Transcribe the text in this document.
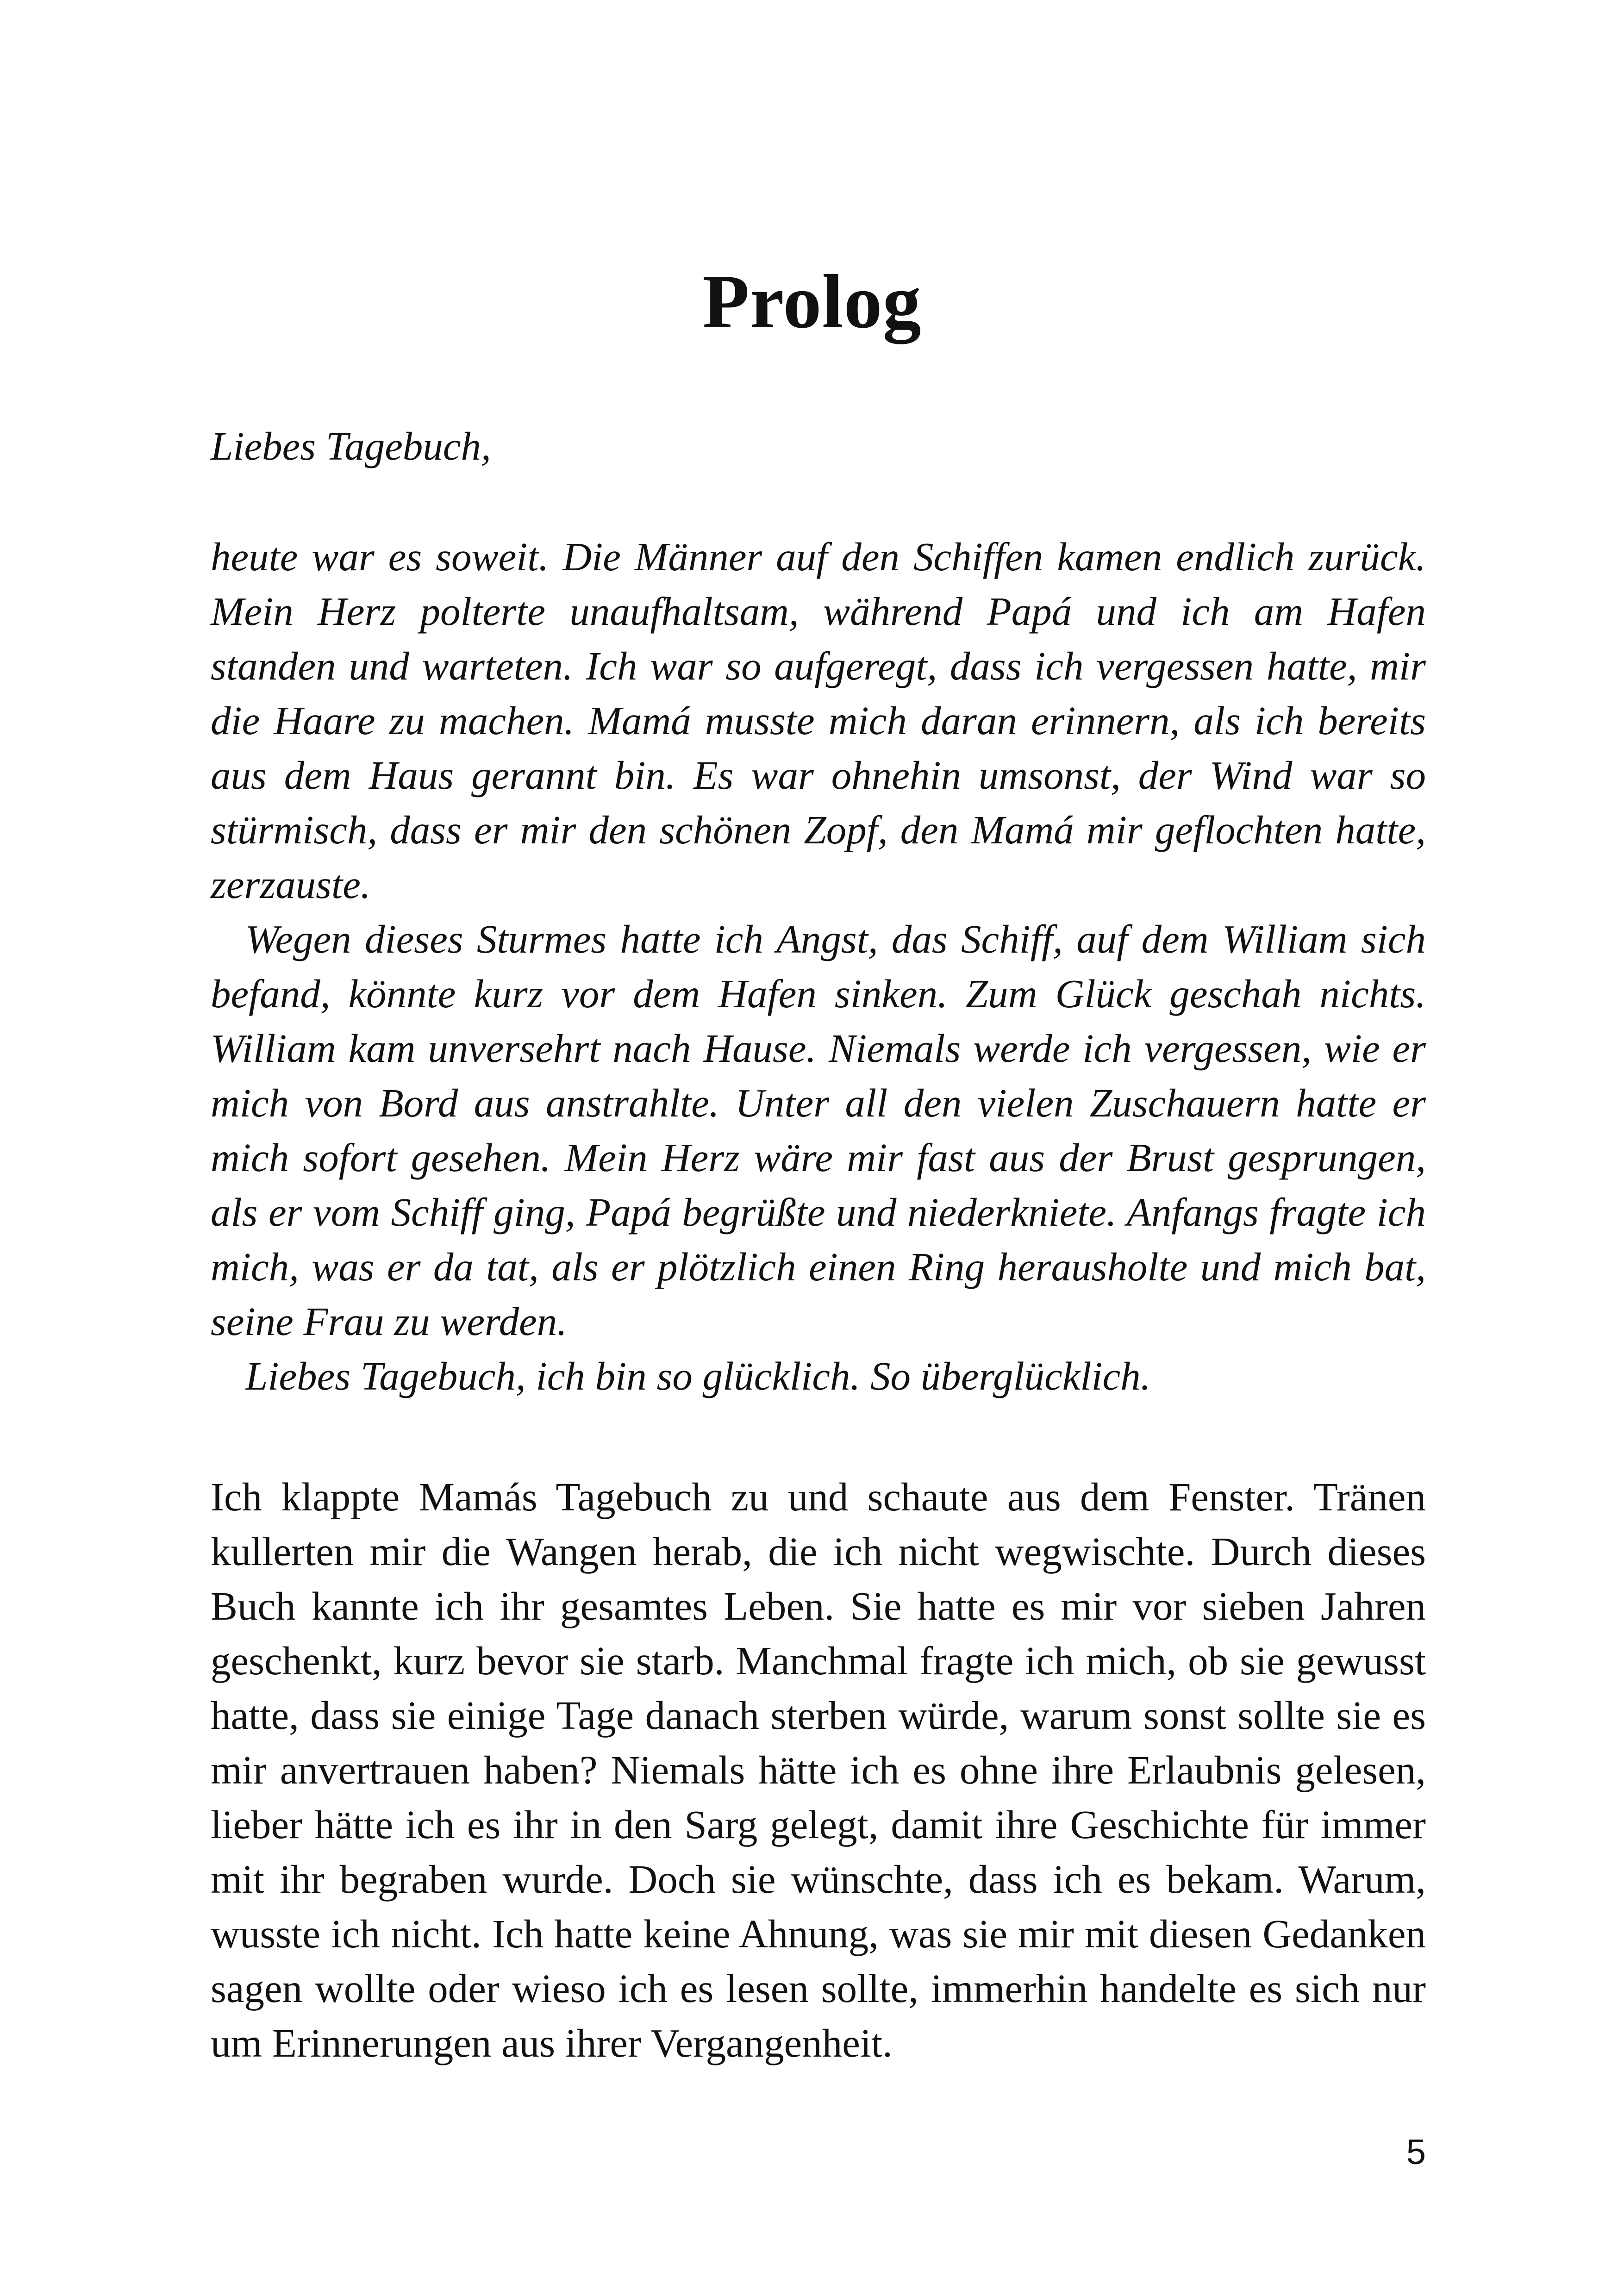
Prolog

Liebes Tagebuch,

heute war es soweit. Die Männer auf den Schiffen kamen endlich zurück. Mein Herz polterte unaufhaltsam, während Papá und ich am Hafen standen und warteten. Ich war so aufgeregt, dass ich vergessen hatte, mir die Haare zu machen. Mamá musste mich daran erinnern, als ich bereits aus dem Haus gerannt bin. Es war ohnehin umsonst, der Wind war so stürmisch, dass er mir den schönen Zopf, den Mamá mir geflochten hatte, zerzauste.

Wegen dieses Sturmes hatte ich Angst, das Schiff, auf dem William sich befand, könnte kurz vor dem Hafen sinken. Zum Glück geschah nichts. William kam unversehrt nach Hause. Niemals werde ich vergessen, wie er mich von Bord aus anstrahlte. Unter all den vielen Zuschauern hatte er mich sofort gesehen. Mein Herz wäre mir fast aus der Brust gesprungen, als er vom Schiff ging, Papá begrüßte und niederkniete. Anfangs fragte ich mich, was er da tat, als er plötzlich einen Ring herausholte und mich bat, seine Frau zu werden.

Liebes Tagebuch, ich bin so glücklich. So überglücklich.

Ich klappte Mamás Tagebuch zu und schaute aus dem Fenster. Tränen kullerten mir die Wangen herab, die ich nicht wegwischte. Durch dieses Buch kannte ich ihr gesamtes Leben. Sie hatte es mir vor sieben Jahren geschenkt, kurz bevor sie starb. Manchmal fragte ich mich, ob sie gewusst hatte, dass sie einige Tage danach sterben würde, warum sonst sollte sie es mir anvertrauen haben? Niemals hätte ich es ohne ihre Erlaubnis gelesen, lieber hätte ich es ihr in den Sarg gelegt, damit ihre Geschichte für immer mit ihr begraben wurde. Doch sie wünschte, dass ich es bekam. Warum, wusste ich nicht. Ich hatte keine Ahnung, was sie mir mit diesen Gedanken sagen wollte oder wieso ich es lesen sollte, immerhin handelte es sich nur um Erinnerungen aus ihrer Vergangenheit.

5
